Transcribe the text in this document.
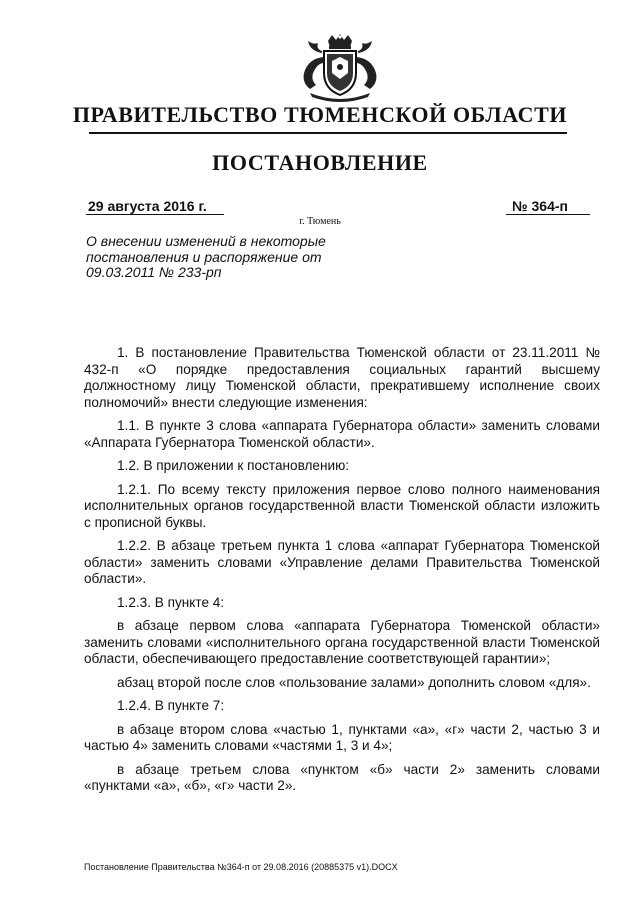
ПРАВИТЕЛЬСТВО ТЮМЕНСКОЙ ОБЛАСТИ
ПОСТАНОВЛЕНИЕ
29 августа 2016 г.	№ 364-п
г. Тюмень
О внесении изменений в некоторые постановления и распоряжение от 09.03.2011 № 233-рп

1. В постановление Правительства Тюменской области от 23.11.2011 № 432-п «О порядке предоставления социальных гарантий высшему должностному лицу Тюменской области, прекратившему исполнение своих полномочий» внести следующие изменения:

1.1. В пункте 3 слова «аппарата Губернатора области» заменить словами «Аппарата Губернатора Тюменской области».

1.2. В приложении к постановлению:

1.2.1. По всему тексту приложения первое слово полного наименования исполнительных органов государственной власти Тюменской области изложить с прописной буквы.

1.2.2. В абзаце третьем пункта 1 слова «аппарат Губернатора Тюменской области» заменить словами «Управление делами Правительства Тюменской области».

1.2.3. В пункте 4:

в абзаце первом слова «аппарата Губернатора Тюменской области» заменить словами «исполнительного органа государственной власти Тюменской области, обеспечивающего предоставление соответствующей гарантии»;

абзац второй после слов «пользование залами» дополнить словом «для».

1.2.4. В пункте 7:

в абзаце втором слова «частью 1, пунктами «а», «г» части 2, частью 3 и частью 4» заменить словами «частями 1, 3 и 4»;

в абзаце третьем слова «пунктом «б» части 2» заменить словами «пунктами «а», «б», «г» части 2».

Постановление Правительства №364-п от 29.08.2016 (20885375 v1).DOCX
